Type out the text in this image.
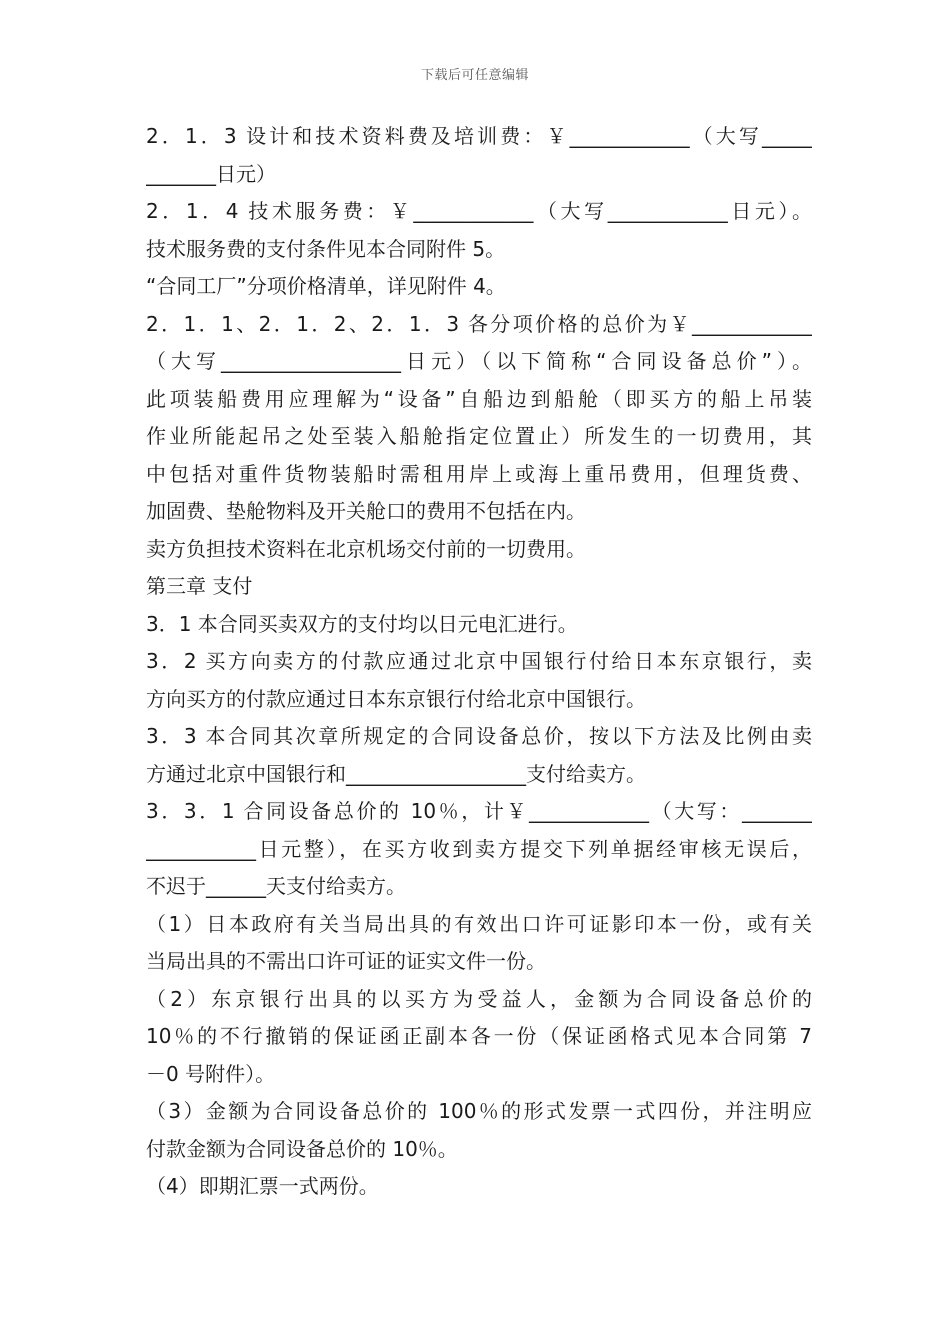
下载后可任意编辑
2．1．3 设计和技术资料费及培训费：￥____________（大写_____
_______日元）
2．1．4 技术服务费：￥____________（大写____________日元）。
技术服务费的支付条件见本合同附件 5。
“合同工厂”分项价格清单，详见附件 4。
2．1．1、2．1．2、2．1．3 各分项价格的总价为￥____________
（大写__________________日元）（以下简称“合同设备总价”）。
此项装船费用应理解为“设备”自船边到船舱（即买方的船上吊装
作业所能起吊之处至装入船舱指定位置止）所发生的一切费用，其
中包括对重件货物装船时需租用岸上或海上重吊费用，但理货费、
加固费、垫舱物料及开关舱口的费用不包括在内。
卖方负担技术资料在北京机场交付前的一切费用。
第三章 支付
3．1 本合同买卖双方的支付均以日元电汇进行。
3．2 买方向卖方的付款应通过北京中国银行付给日本东京银行，卖
方向买方的付款应通过日本东京银行付给北京中国银行。
3．3 本合同其次章所规定的合同设备总价，按以下方法及比例由卖
方通过北京中国银行和__________________支付给卖方。
3．3．1 合同设备总价的 10％，计￥____________（大写：_______
___________日元整），在买方收到卖方提交下列单据经审核无误后，
不迟于______天支付给卖方。
（1）日本政府有关当局出具的有效出口许可证影印本一份，或有关
当局出具的不需出口许可证的证实文件一份。
（2）东京银行出具的以买方为受益人，金额为合同设备总价的
10％的不行撤销的保证函正副本各一份（保证函格式见本合同第 7
－0 号附件）。
（3）金额为合同设备总价的 100％的形式发票一式四份，并注明应
付款金额为合同设备总价的 10％。
（4）即期汇票一式两份。
